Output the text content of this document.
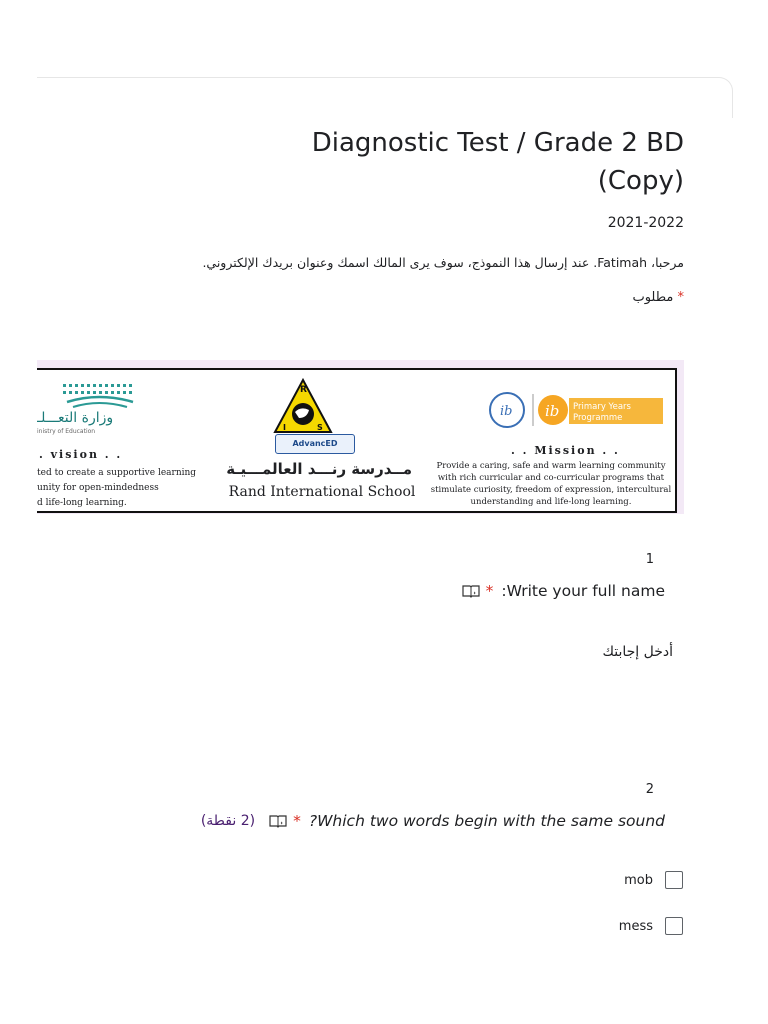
Diagnostic Test / Grade 2 BD
(Copy)
2021-2022
مرحبا، Fatimah. عند إرسال هذا النموذج، سوف يرى المالك اسمك وعنوان بريدك الإلكتروني.
* مطلوب
وزارة التعـــلـ
inistry of Education
. vision . .
ted to create a supportive learning
unity for open-mindedness
d life-long learning.
R
I	S
AdvancED
مــدرسة رنـــد العالمـــيـة
Rand International School
ib ib Primary Years
Programme
. . Mission . .
Provide a caring, safe and warm learning community
with rich curricular and co-curricular programs that
stimulate curiosity, freedom of expression, intercultural
understanding and life-long learning.
1
* :Write your full name
أدخل إجابتك
2
(2 نقطة) * ?Which two words begin with the same sound
mob
mess
